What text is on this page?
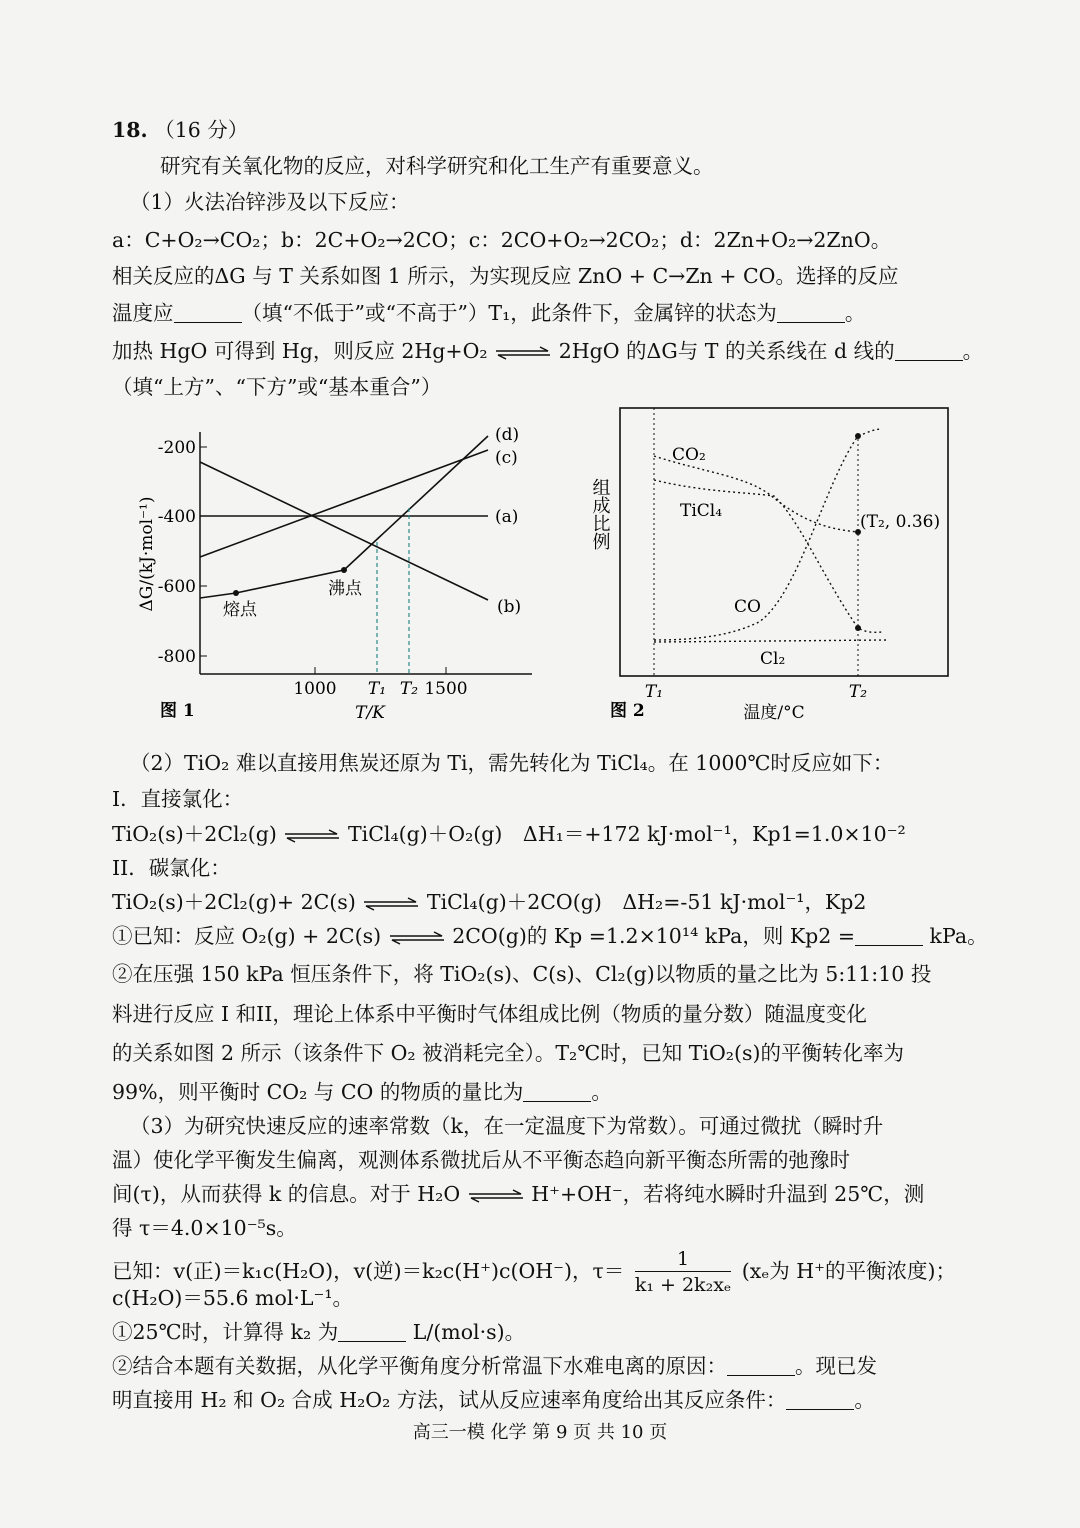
18. （16 分）
研究有关氧化物的反应，对科学研究和化工生产有重要意义。
（1）火法冶锌涉及以下反应：
a：C+O₂→CO₂；b：2C+O₂→2CO；c：2CO+O₂→2CO₂；d：2Zn+O₂→2ZnO。
相关反应的ΔG 与 T 关系如图 1 所示，为实现反应 ZnO + C→Zn + CO。选择的反应
温度应	（填“不低于”或“不高于”）T₁，此条件下，金属锌的状态为	。
加热 HgO 可得到 Hg，则反应 2Hg+O₂ ⇌ 2HgO 的ΔG与 T 的关系线在 d 线的	。
（填“上方”、“下方”或“基本重合”）
-200
-400
-600
-800
1000 T₁ T₂ 1500
(d)
(c)
(a)
(b)
熔点
沸点
ΔG/(kJ·mol⁻¹)
T/K
图 1
CO₂
TiCl₄
CO
Cl₂
(T₂, 0.36)
组成比例
T₁	T₂
温度/°C
图 2
（2）TiO₂ 难以直接用焦炭还原为 Ti，需先转化为 TiCl₄。在 1000℃时反应如下：
I．直接氯化：
TiO₂(s)＋2Cl₂(g) ⇌ TiCl₄(g)＋O₂(g)　ΔH₁＝+172 kJ·mol⁻¹，Kp1=1.0×10⁻²
II．碳氯化：
TiO₂(s)＋2Cl₂(g)+ 2C(s) ⇌ TiCl₄(g)＋2CO(g)　ΔH₂=-51 kJ·mol⁻¹，Kp2
①已知：反应 O₂(g) + 2C(s) ⇌ 2CO(g)的 Kp =1.2×10¹⁴ kPa，则 Kp2 =	kPa。
②在压强 150 kPa 恒压条件下，将 TiO₂(s)、C(s)、Cl₂(g)以物质的量之比为 5:11:10 投
料进行反应 I 和II，理论上体系中平衡时气体组成比例（物质的量分数）随温度变化
的关系如图 2 所示（该条件下 O₂ 被消耗完全）。T₂℃时，已知 TiO₂(s)的平衡转化率为
99%，则平衡时 CO₂ 与 CO 的物质的量比为	。
（3）为研究快速反应的速率常数（k，在一定温度下为常数）。可通过微扰（瞬时升
温）使化学平衡发生偏离，观测体系微扰后从不平衡态趋向新平衡态所需的弛豫时
间(τ)，从而获得 k 的信息。对于 H₂O ⇌ H⁺+OH⁻，若将纯水瞬时升温到 25℃，测
得 τ＝4.0×10⁻⁵s。
已知：v(正)＝k₁c(H₂O)，v(逆)＝k₂c(H⁺)c(OH⁻)，$\tau= \frac{1}{\text{k₁ + 2k₂xₑ}} (x_e$为 H⁺的平衡浓度)；
c(H₂O)＝55.6 mol·L⁻¹。
①25℃时，计算得 k₂ 为	L/(mol·s)。
②结合本题有关数据，从化学平衡角度分析常温下水难电离的原因：	。现已发
明直接用 H₂ 和 O₂ 合成 H₂O₂ 方法，试从反应速率角度给出其反应条件：	。
高三一模 化学 第 9 页 共 10 页
